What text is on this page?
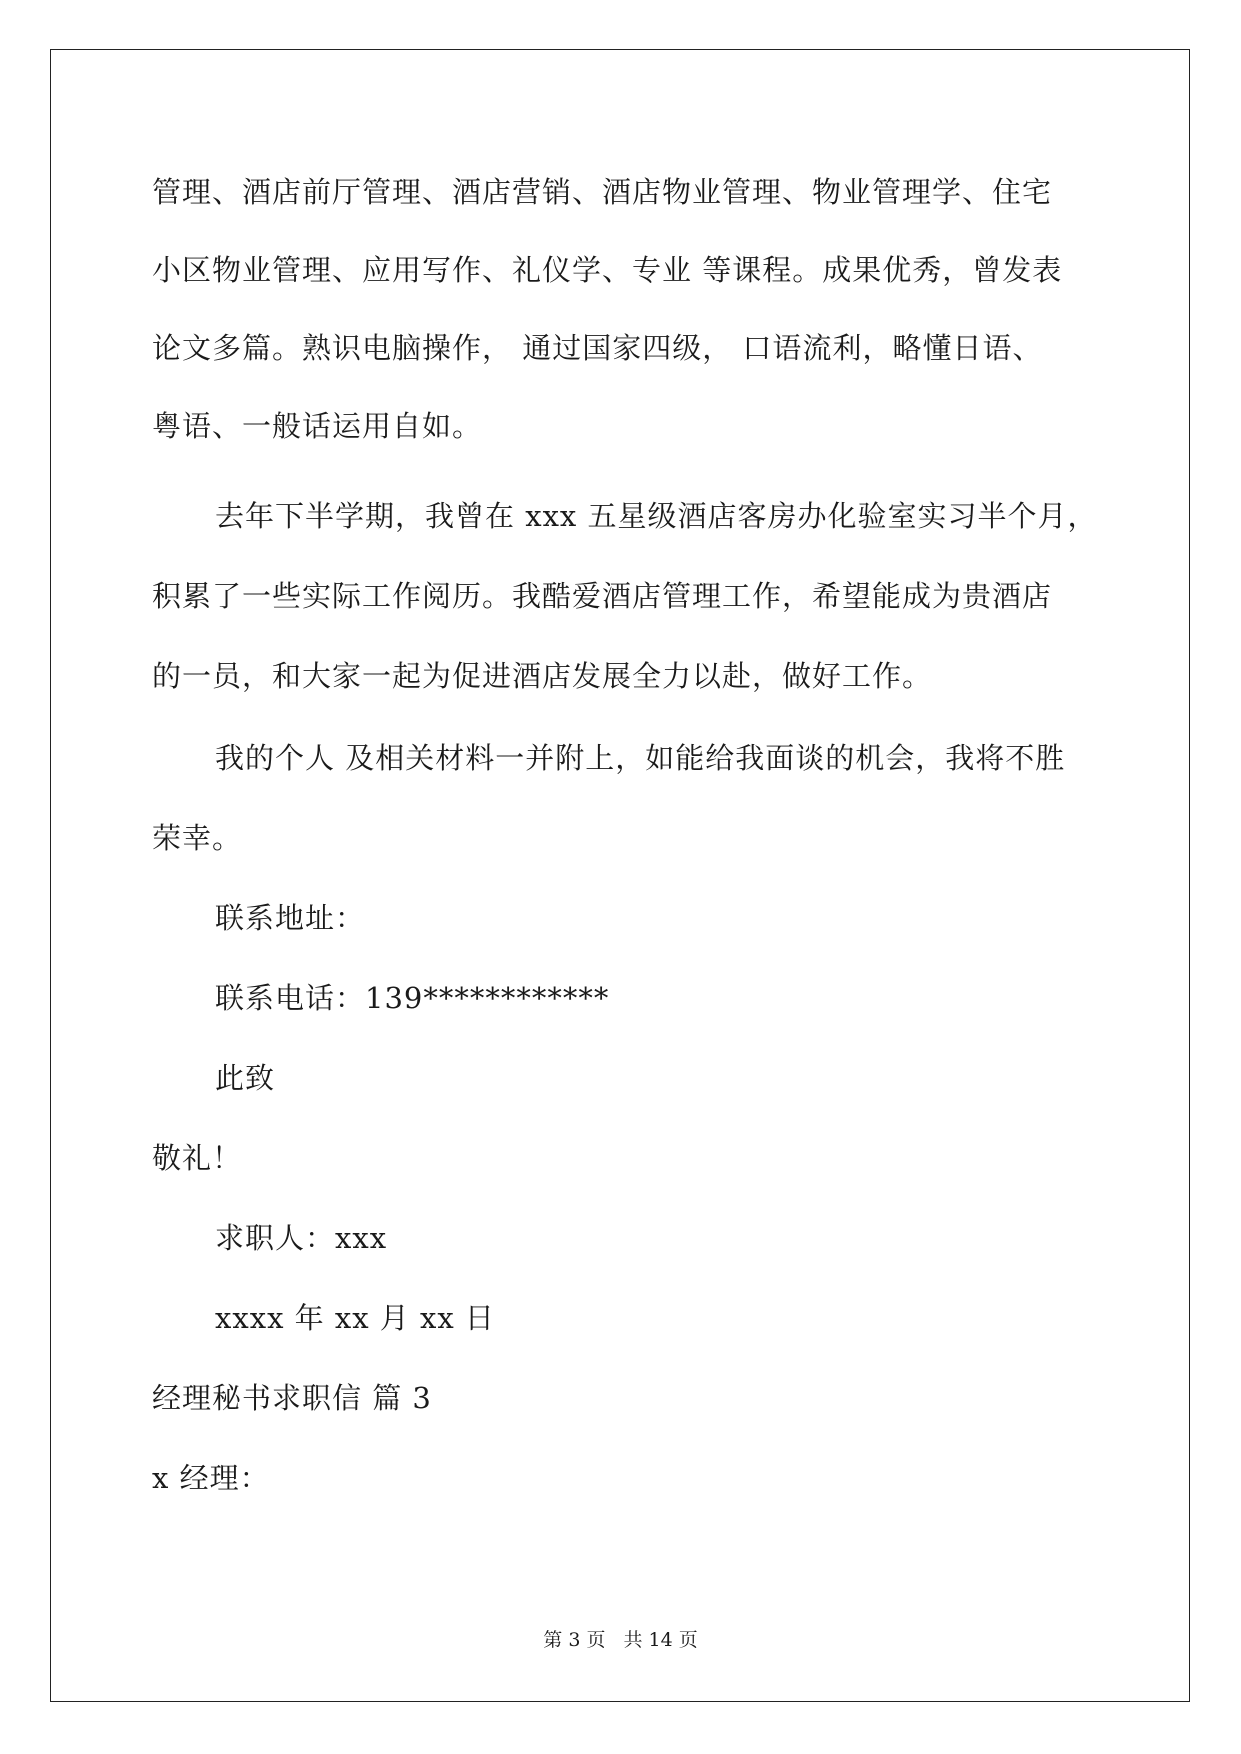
管理、酒店前厅管理、酒店营销、酒店物业管理、物业管理学、住宅
小区物业管理、应用写作、礼仪学、专业 等课程。成果优秀，曾发表
论文多篇。熟识电脑操作， 通过国家四级， 口语流利，略懂日语、
粤语、一般话运用自如。
去年下半学期，我曾在 xxx 五星级酒店客房办化验室实习半个月，
积累了一些实际工作阅历。我酷爱酒店管理工作，希望能成为贵酒店
的一员，和大家一起为促进酒店发展全力以赴，做好工作。
我的个人 及相关材料一并附上，如能给我面谈的机会，我将不胜
荣幸。
联系地址：
联系电话：139************
此致
敬礼！
求职人：xxx
xxxx 年 xx 月 xx 日
经理秘书求职信 篇 3
x 经理：
第 3 页 共 14 页
